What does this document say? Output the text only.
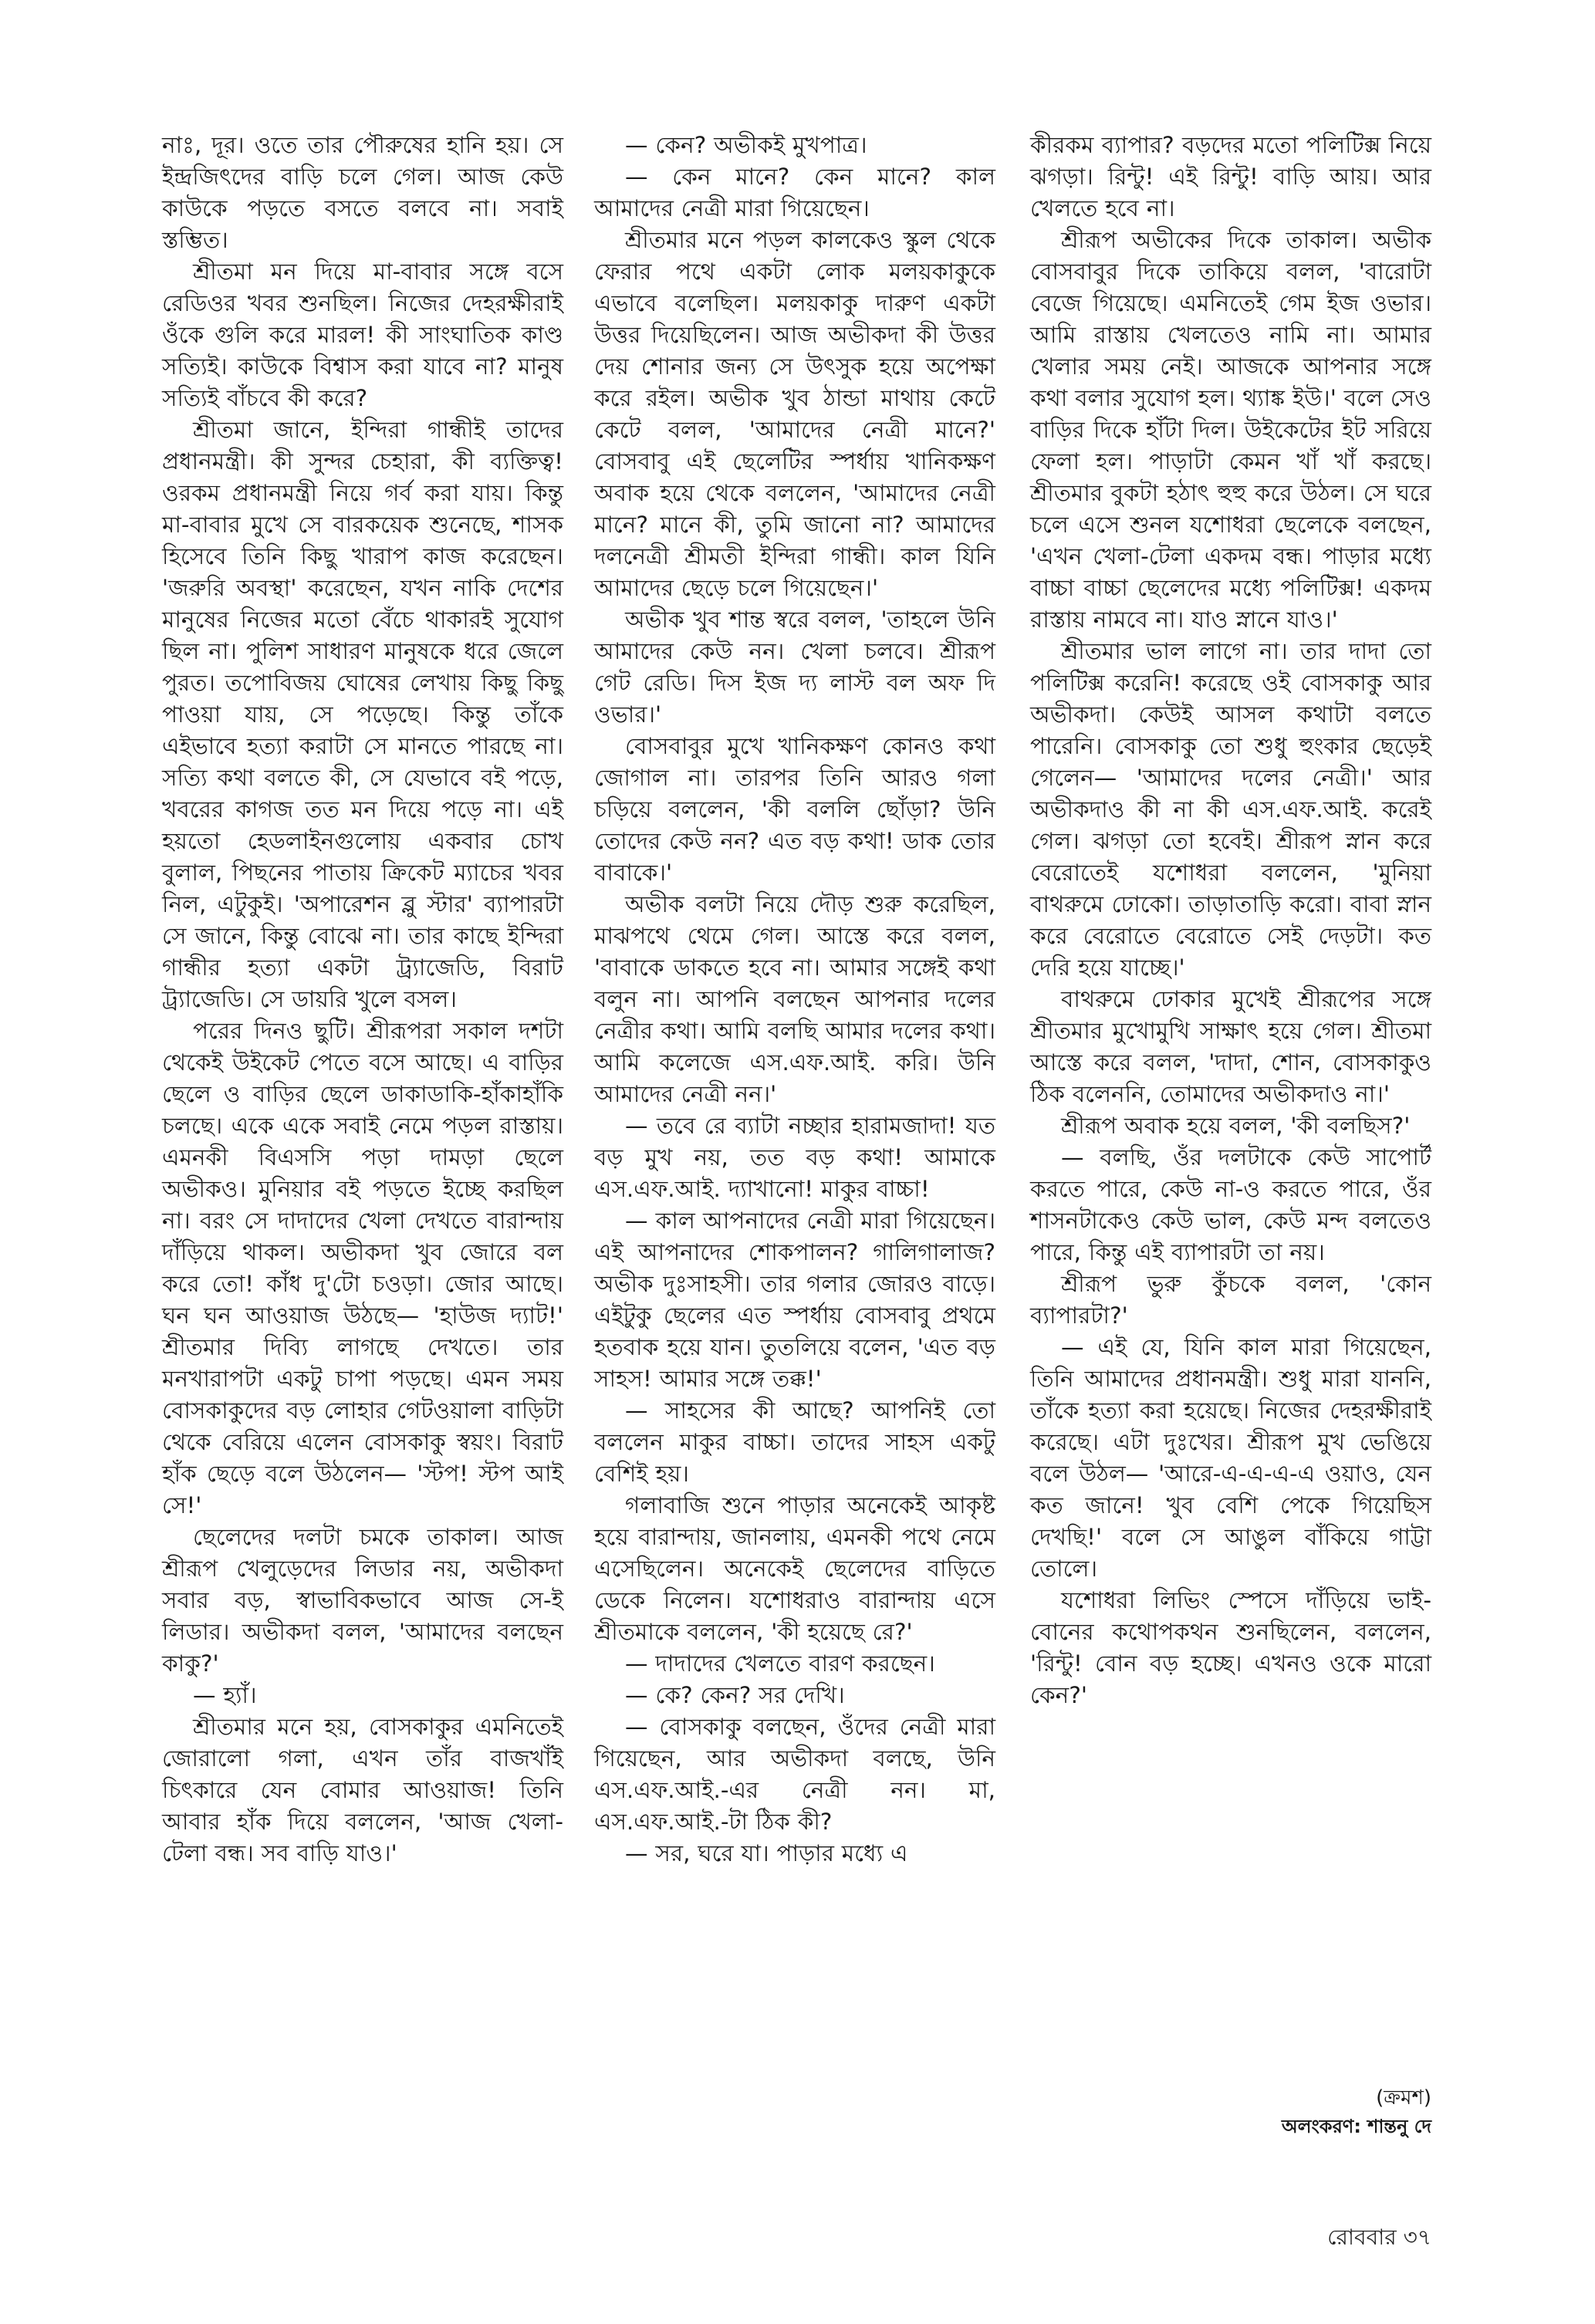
নাঃ, দূর। ওতে তার পৌরুষের হানি হয়। সে ইন্দ্রজিৎদের বাড়ি চলে গেল। আজ কেউ কাউকে পড়তে বসতে বলবে না। সবাই স্তম্ভিত।

শ্রীতমা মন দিয়ে মা-বাবার সঙ্গে বসে রেডিওর খবর শুনছিল। নিজের দেহরক্ষীরাই ওঁকে গুলি করে মারল! কী সাংঘাতিক কাণ্ড সত্যিই। কাউকে বিশ্বাস করা যাবে না? মানুষ সত্যিই বাঁচবে কী করে?

শ্রীতমা জানে, ইন্দিরা গান্ধীই তাদের প্রধানমন্ত্রী। কী সুন্দর চেহারা, কী ব্যক্তিত্ব! ওরকম প্রধানমন্ত্রী নিয়ে গর্ব করা যায়। কিন্তু মা-বাবার মুখে সে বারকয়েক শুনেছে, শাসক হিসেবে তিনি কিছু খারাপ কাজ করেছেন। 'জরুরি অবস্থা' করেছেন, যখন নাকি দেশের মানুষের নিজের মতো বেঁচে থাকারই সুযোগ ছিল না। পুলিশ সাধারণ মানুষকে ধরে জেলে পুরত। তপোবিজয় ঘোষের লেখায় কিছু কিছু পাওয়া যায়, সে পড়েছে। কিন্তু তাঁকে এইভাবে হত্যা করাটা সে মানতে পারছে না। সত্যি কথা বলতে কী, সে যেভাবে বই পড়ে, খবরের কাগজ তত মন দিয়ে পড়ে না। এই হয়তো হেডলাইনগুলোয় একবার চোখ বুলাল, পিছনের পাতায় ক্রিকেট ম্যাচের খবর নিল, এটুকুই। 'অপারেশন ব্লু স্টার' ব্যাপারটা সে জানে, কিন্তু বোঝে না। তার কাছে ইন্দিরা গান্ধীর হত্যা একটা ট্র্যাজেডি, বিরাট ট্র্যাজেডি। সে ডায়রি খুলে বসল।

পরের দিনও ছুটি। শ্রীরূপরা সকাল দশটা থেকেই উইকেট পেতে বসে আছে। এ বাড়ির ছেলে ও বাড়ির ছেলে ডাকাডাকি-হাঁকাহাঁকি চলছে। একে একে সবাই নেমে পড়ল রাস্তায়। এমনকী বিএসসি পড়া দামড়া ছেলে অভীকও। মুনিয়ার বই পড়তে ইচ্ছে করছিল না। বরং সে দাদাদের খেলা দেখতে বারান্দায় দাঁড়িয়ে থাকল। অভীকদা খুব জোরে বল করে তো! কাঁধ দু'টো চওড়া। জোর আছে। ঘন ঘন আওয়াজ উঠছে— 'হাউজ দ্যাট!' শ্রীতমার দিব্যি লাগছে দেখতে। তার মনখারাপটা একটু চাপা পড়ছে। এমন সময় বোসকাকুদের বড় লোহার গেটওয়ালা বাড়িটা থেকে বেরিয়ে এলেন বোসকাকু স্বয়ং। বিরাট হাঁক ছেড়ে বলে উঠলেন— 'স্টপ! স্টপ আই সে!'

ছেলেদের দলটা চমকে তাকাল। আজ শ্রীরূপ খেলুড়েদের লিডার নয়, অভীকদা সবার বড়, স্বাভাবিকভাবে আজ সে-ই লিডার। অভীকদা বলল, 'আমাদের বলছেন কাকু?'

— হ্যাঁ।

শ্রীতমার মনে হয়, বোসকাকুর এমনিতেই জোরালো গলা, এখন তাঁর বাজখাঁই চিৎকারে যেন বোমার আওয়াজ! তিনি আবার হাঁক দিয়ে বললেন, 'আজ খেলা-টেলা বন্ধ। সব বাড়ি যাও।'

— কেন? অভীকই মুখপাত্র।

— কেন মানে? কেন মানে? কাল আমাদের নেত্রী মারা গিয়েছেন।

শ্রীতমার মনে পড়ল কালকেও স্কুল থেকে ফেরার পথে একটা লোক মলয়কাকুকে এভাবে বলেছিল। মলয়কাকু দারুণ একটা উত্তর দিয়েছিলেন। আজ অভীকদা কী উত্তর দেয় শোনার জন্য সে উৎসুক হয়ে অপেক্ষা করে রইল। অভীক খুব ঠান্ডা মাথায় কেটে কেটে বলল, 'আমাদের নেত্রী মানে?' বোসবাবু এই ছেলেটির স্পর্ধায় খানিকক্ষণ অবাক হয়ে থেকে বললেন, 'আমাদের নেত্রী মানে? মানে কী, তুমি জানো না? আমাদের দলনেত্রী শ্রীমতী ইন্দিরা গান্ধী। কাল যিনি আমাদের ছেড়ে চলে গিয়েছেন।'

অভীক খুব শান্ত স্বরে বলল, 'তাহলে উনি আমাদের কেউ নন। খেলা চলবে। শ্রীরূপ গেট রেডি। দিস ইজ দ্য লাস্ট বল অফ দি ওভার।'

বোসবাবুর মুখে খানিকক্ষণ কোনও কথা জোগাল না। তারপর তিনি আরও গলা চড়িয়ে বললেন, 'কী বললি ছোঁড়া? উনি তোদের কেউ নন? এত বড় কথা! ডাক তোর বাবাকে।'

অভীক বলটা নিয়ে দৌড় শুরু করেছিল, মাঝপথে থেমে গেল। আস্তে করে বলল, 'বাবাকে ডাকতে হবে না। আমার সঙ্গেই কথা বলুন না। আপনি বলছেন আপনার দলের নেত্রীর কথা। আমি বলছি আমার দলের কথা। আমি কলেজে এস.এফ.আই. করি। উনি আমাদের নেত্রী নন।'

— তবে রে ব্যাটা নচ্ছার হারামজাদা! যত বড় মুখ নয়, তত বড় কথা! আমাকে এস.এফ.আই. দ্যাখানো! মাকুর বাচ্চা!

— কাল আপনাদের নেত্রী মারা গিয়েছেন। এই আপনাদের শোকপালন? গালিগালাজ? অভীক দুঃসাহসী। তার গলার জোরও বাড়ে। এইটুকু ছেলের এত স্পর্ধায় বোসবাবু প্রথমে হতবাক হয়ে যান। তুতলিয়ে বলেন, 'এত বড় সাহস! আমার সঙ্গে তক্ক!'

— সাহসের কী আছে? আপনিই তো বললেন মাকুর বাচ্চা। তাদের সাহস একটু বেশিই হয়।

গলাবাজি শুনে পাড়ার অনেকেই আকৃষ্ট হয়ে বারান্দায়, জানলায়, এমনকী পথে নেমে এসেছিলেন। অনেকেই ছেলেদের বাড়িতে ডেকে নিলেন। যশোধরাও বারান্দায় এসে শ্রীতমাকে বললেন, 'কী হয়েছে রে?'

— দাদাদের খেলতে বারণ করছেন।

— কে? কেন? সর দেখি।

— বোসকাকু বলছেন, ওঁদের নেত্রী মারা গিয়েছেন, আর অভীকদা বলছে, উনি এস.এফ.আই.-এর নেত্রী নন। মা, এস.এফ.আই.-টা ঠিক কী?

— সর, ঘরে যা। পাড়ার মধ্যে এ

কীরকম ব্যাপার? বড়দের মতো পলিটিক্স নিয়ে ঝগড়া। রিন্টু! এই রিন্টু! বাড়ি আয়। আর খেলতে হবে না।

শ্রীরূপ অভীকের দিকে তাকাল। অভীক বোসবাবুর দিকে তাকিয়ে বলল, 'বারোটা বেজে গিয়েছে। এমনিতেই গেম ইজ ওভার। আমি রাস্তায় খেলতেও নামি না। আমার খেলার সময় নেই। আজকে আপনার সঙ্গে কথা বলার সুযোগ হল। থ্যাঙ্ক ইউ।' বলে সেও বাড়ির দিকে হাঁটা দিল। উইকেটের ইট সরিয়ে ফেলা হল। পাড়াটা কেমন খাঁ খাঁ করছে। শ্রীতমার বুকটা হঠাৎ হুহু করে উঠল। সে ঘরে চলে এসে শুনল যশোধরা ছেলেকে বলছেন, 'এখন খেলা-টেলা একদম বন্ধ। পাড়ার মধ্যে বাচ্চা বাচ্চা ছেলেদের মধ্যে পলিটিক্স! একদম রাস্তায় নামবে না। যাও স্নানে যাও।'

শ্রীতমার ভাল লাগে না। তার দাদা তো পলিটিক্স করেনি! করেছে ওই বোসকাকু আর অভীকদা। কেউই আসল কথাটা বলতে পারেনি। বোসকাকু তো শুধু হুংকার ছেড়েই গেলেন— 'আমাদের দলের নেত্রী।' আর অভীকদাও কী না কী এস.এফ.আই. করেই গেল। ঝগড়া তো হবেই। শ্রীরূপ স্নান করে বেরোতেই যশোধরা বললেন, 'মুনিয়া বাথরুমে ঢোকো। তাড়াতাড়ি করো। বাবা স্নান করে বেরোতে বেরোতে সেই দেড়টা। কত দেরি হয়ে যাচ্ছে।'

বাথরুমে ঢোকার মুখেই শ্রীরূপের সঙ্গে শ্রীতমার মুখোমুখি সাক্ষাৎ হয়ে গেল। শ্রীতমা আস্তে করে বলল, 'দাদা, শোন, বোসকাকুও ঠিক বলেননি, তোমাদের অভীকদাও না।'

শ্রীরূপ অবাক হয়ে বলল, 'কী বলছিস?'

— বলছি, ওঁর দলটাকে কেউ সাপোর্ট করতে পারে, কেউ না-ও করতে পারে, ওঁর শাসনটাকেও কেউ ভাল, কেউ মন্দ বলতেও পারে, কিন্তু এই ব্যাপারটা তা নয়।

শ্রীরূপ ভুরু কুঁচকে বলল, 'কোন ব্যাপারটা?'

— এই যে, যিনি কাল মারা গিয়েছেন, তিনি আমাদের প্রধানমন্ত্রী। শুধু মারা যাননি, তাঁকে হত্যা করা হয়েছে। নিজের দেহরক্ষীরাই করেছে। এটা দুঃখের। শ্রীরূপ মুখ ভেঙিয়ে বলে উঠল— 'আরে-এ-এ-এ-এ ওয়াও, যেন কত জানে! খুব বেশি পেকে গিয়েছিস দেখছি!' বলে সে আঙুল বাঁকিয়ে গাট্টা তোলে।

যশোধরা লিভিং স্পেসে দাঁড়িয়ে ভাই-বোনের কথোপকথন শুনছিলেন, বললেন, 'রিন্টু! বোন বড় হচ্ছে। এখনও ওকে মারো কেন?'

(ক্রমশ)
অলংকরণ: শান্তনু দে
রোববার ৩৭
